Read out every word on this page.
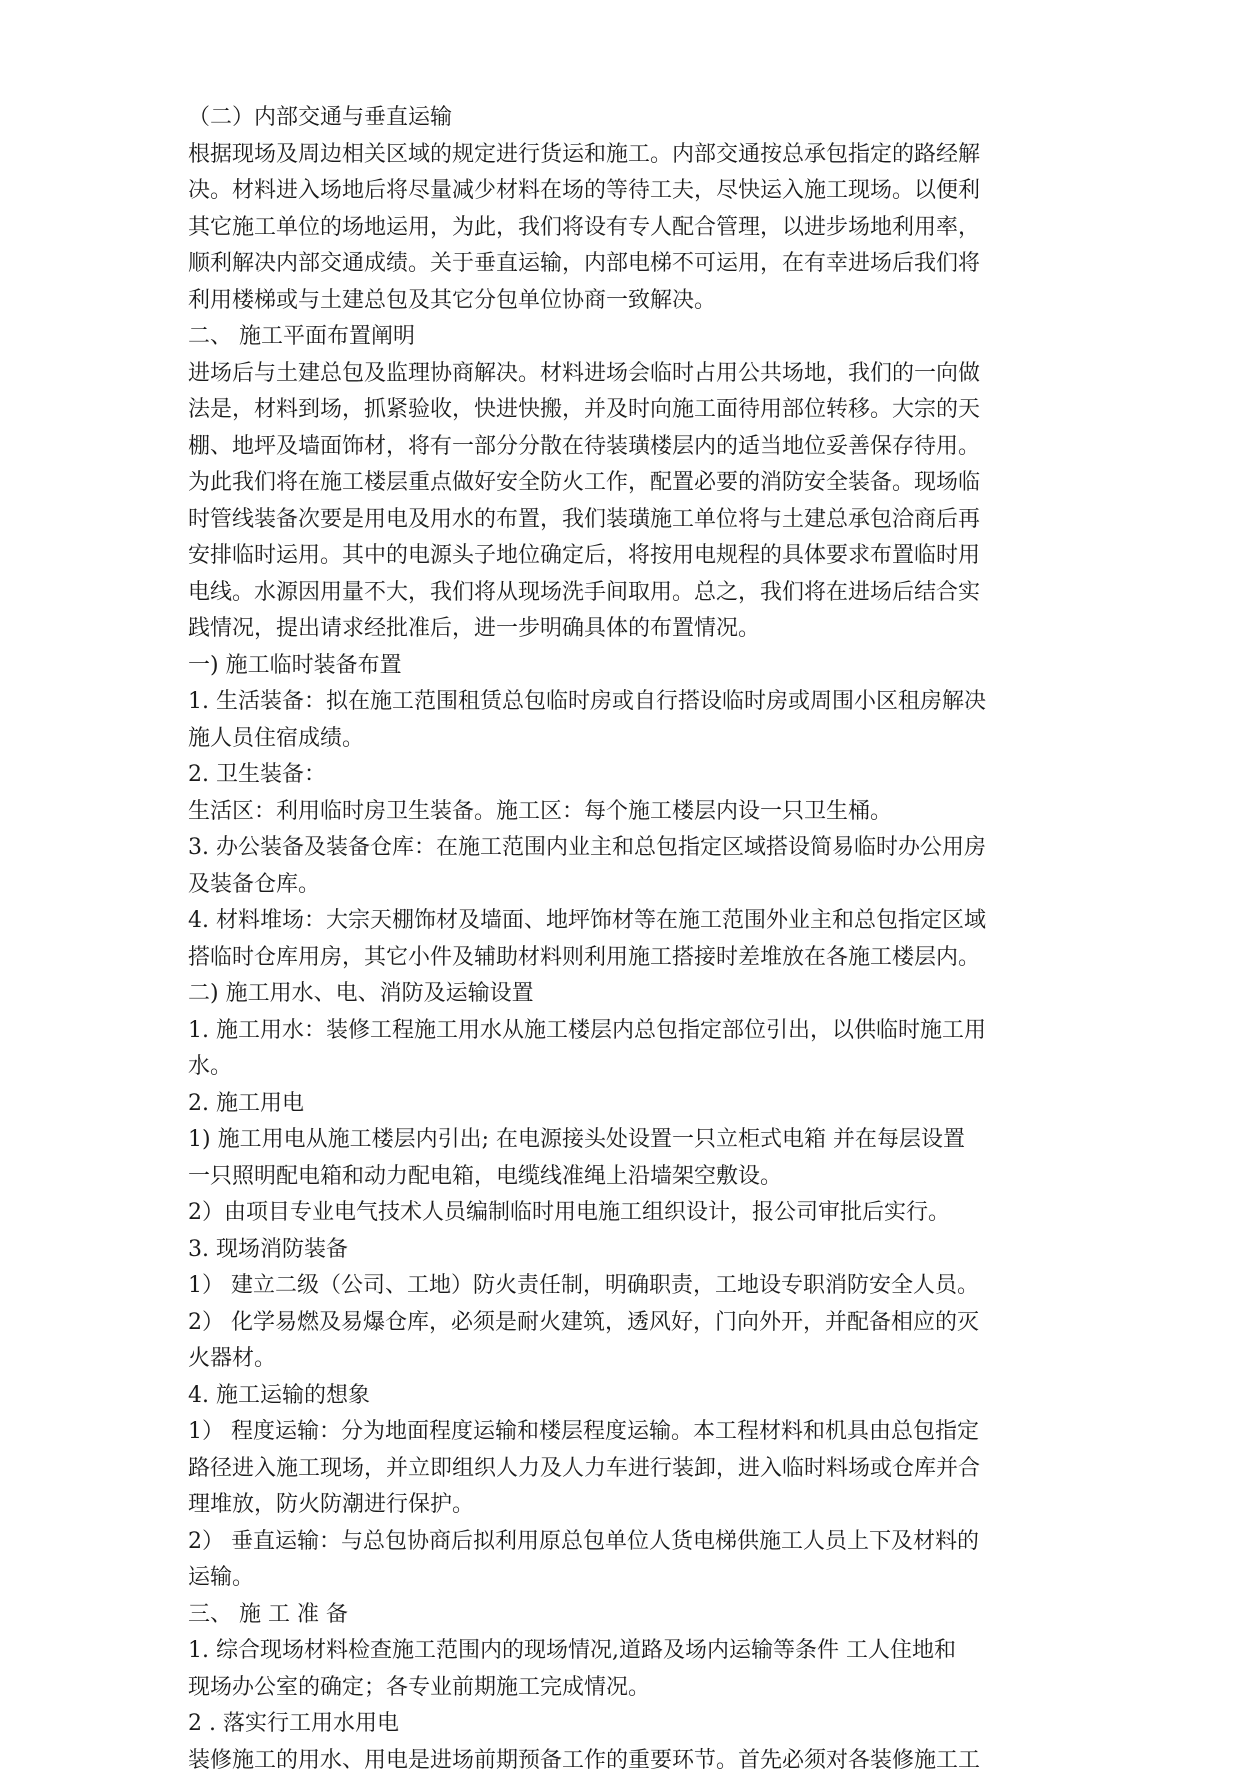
（二）内部交通与垂直运输
根据现场及周边相关区域的规定进行货运和施工。内部交通按总承包指定的路经解
决。材料进入场地后将尽量减少材料在场的等待工夫，尽快运入施工现场。以便利
其它施工单位的场地运用，为此，我们将设有专人配合管理，以进步场地利用率，
顺利解决内部交通成绩。关于垂直运输，内部电梯不可运用，在有幸进场后我们将
利用楼梯或与土建总包及其它分包单位协商一致解决。
二、 施工平面布置阐明
进场后与土建总包及监理协商解决。材料进场会临时占用公共场地，我们的一向做
法是，材料到场，抓紧验收，快进快搬，并及时向施工面待用部位转移。大宗的天
棚、地坪及墙面饰材，将有一部分分散在待装璜楼层内的适当地位妥善保存待用。
为此我们将在施工楼层重点做好安全防火工作，配置必要的消防安全装备。现场临
时管线装备次要是用电及用水的布置，我们装璜施工单位将与土建总承包洽商后再
安排临时运用。其中的电源头子地位确定后，将按用电规程的具体要求布置临时用
电线。水源因用量不大，我们将从现场洗手间取用。总之，我们将在进场后结合实
践情况，提出请求经批准后，进一步明确具体的布置情况。
一) 施工临时装备布置
1. 生活装备：拟在施工范围租赁总包临时房或自行搭设临时房或周围小区租房解决
施人员住宿成绩。
2. 卫生装备：
生活区：利用临时房卫生装备。施工区：每个施工楼层内设一只卫生桶。
3. 办公装备及装备仓库：在施工范围内业主和总包指定区域搭设简易临时办公用房
及装备仓库。
4. 材料堆场：大宗天棚饰材及墙面、地坪饰材等在施工范围外业主和总包指定区域
搭临时仓库用房，其它小件及辅助材料则利用施工搭接时差堆放在各施工楼层内。
二) 施工用水、电、消防及运输设置
1. 施工用水：装修工程施工用水从施工楼层内总包指定部位引出，以供临时施工用
水。
2. 施工用电
1) 施工用电从施工楼层内引出; 在电源接头处设置一只立柜式电箱 并在每层设置
一只照明配电箱和动力配电箱，电缆线准绳上沿墙架空敷设。
2）由项目专业电气技术人员编制临时用电施工组织设计，报公司审批后实行。
3. 现场消防装备
1） 建立二级（公司、工地）防火责任制，明确职责，工地设专职消防安全人员。
2） 化学易燃及易爆仓库，必须是耐火建筑，透风好，门向外开，并配备相应的灭
火器材。
4. 施工运输的想象
1） 程度运输：分为地面程度运输和楼层程度运输。本工程材料和机具由总包指定
路径进入施工现场，并立即组织人力及人力车进行装卸，进入临时料场或仓库并合
理堆放，防火防潮进行保护。
2） 垂直运输：与总包协商后拟利用原总包单位人货电梯供施工人员上下及材料的
运输。
三、 施 工 准 备
1. 综合现场材料检查施工范围内的现场情况,道路及场内运输等条件 工人住地和
现场办公室的确定；各专业前期施工完成情况。
2 . 落实行工用水用电
装修施工的用水、用电是进场前期预备工作的重要环节。首先必须对各装修施工工
